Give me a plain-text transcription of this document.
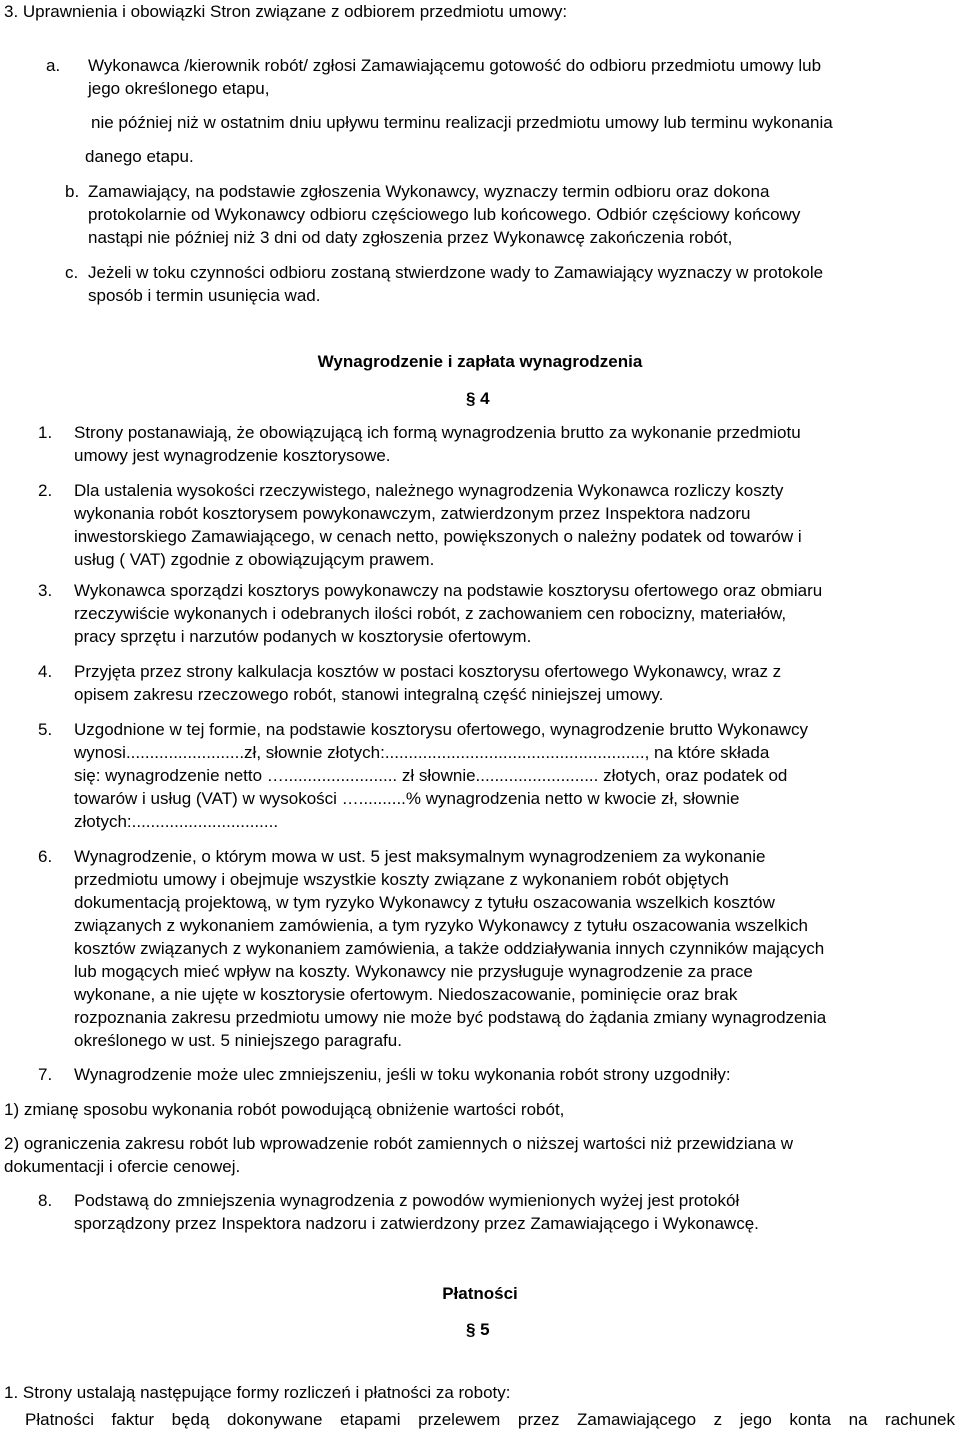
3. Uprawnienia i obowiązki Stron związane z odbiorem przedmiotu umowy:
a. Wykonawca /kierownik robót/ zgłosi Zamawiającemu gotowość do odbioru przedmiotu umowy lub
jego określonego etapu,
nie później niż w ostatnim dniu upływu terminu realizacji przedmiotu umowy lub terminu wykonania
danego etapu.
b. Zamawiający, na podstawie zgłoszenia Wykonawcy, wyznaczy termin odbioru oraz dokona
protokolarnie od Wykonawcy odbioru częściowego lub końcowego. Odbiór częściowy końcowy
nastąpi nie później niż 3 dni od daty zgłoszenia przez Wykonawcę zakończenia robót,
c. Jeżeli w toku czynności odbioru zostaną stwierdzone wady to Zamawiający wyznaczy w protokole
sposób i termin usunięcia wad.
Wynagrodzenie i zapłata wynagrodzenia
§ 4
1. Strony postanawiają, że obowiązującą ich formą wynagrodzenia brutto za wykonanie przedmiotu
umowy jest wynagrodzenie kosztorysowe.
2. Dla ustalenia wysokości rzeczywistego, należnego wynagrodzenia Wykonawca rozliczy koszty
wykonania robót kosztorysem powykonawczym, zatwierdzonym przez Inspektora nadzoru
inwestorskiego Zamawiającego, w cenach netto, powiększonych o należny podatek od towarów i
usług ( VAT) zgodnie z obowiązującym prawem.
3. Wykonawca sporządzi kosztorys powykonawczy na podstawie kosztorysu ofertowego oraz obmiaru
rzeczywiście wykonanych i odebranych ilości robót, z zachowaniem cen robocizny, materiałów,
pracy sprzętu i narzutów podanych w kosztorysie ofertowym.
4. Przyjęta przez strony kalkulacja kosztów w postaci kosztorysu ofertowego Wykonawcy, wraz z
opisem zakresu rzeczowego robót, stanowi integralną część niniejszej umowy.
5. Uzgodnione w tej formie, na podstawie kosztorysu ofertowego, wynagrodzenie brutto Wykonawcy
wynosi.........................zł, słownie złotych:......................................................., na które składa
się: wynagrodzenie netto …........................ zł słownie.......................... złotych, oraz podatek od
towarów i usług (VAT) w wysokości …..........% wynagrodzenia netto w kwocie zł, słownie
złotych:...............................
6. Wynagrodzenie, o którym mowa w ust. 5 jest maksymalnym wynagrodzeniem za wykonanie
przedmiotu umowy i obejmuje wszystkie koszty związane z wykonaniem robót objętych
dokumentacją projektową, w tym ryzyko Wykonawcy z tytułu oszacowania wszelkich kosztów
związanych z wykonaniem zamówienia, a tym ryzyko Wykonawcy z tytułu oszacowania wszelkich
kosztów związanych z wykonaniem zamówienia, a także oddziaływania innych czynników mających
lub mogących mieć wpływ na koszty. Wykonawcy nie przysługuje wynagrodzenie za prace
wykonane, a nie ujęte w kosztorysie ofertowym. Niedoszacowanie, pominięcie oraz brak
rozpoznania zakresu przedmiotu umowy nie może być podstawą do żądania zmiany wynagrodzenia
określonego w ust. 5 niniejszego paragrafu.
7. Wynagrodzenie może ulec zmniejszeniu, jeśli w toku wykonania robót strony uzgodniły:
1) zmianę sposobu wykonania robót powodującą obniżenie wartości robót,
2) ograniczenia zakresu robót lub wprowadzenie robót zamiennych o niższej wartości niż przewidziana w
dokumentacji i ofercie cenowej.
8. Podstawą do zmniejszenia wynagrodzenia z powodów wymienionych wyżej jest protokół
sporządzony przez Inspektora nadzoru i zatwierdzony przez Zamawiającego i Wykonawcę.
Płatności
§ 5
1. Strony ustalają następujące formy rozliczeń i płatności za roboty:
Płatności faktur będą dokonywane etapami przelewem przez Zamawiającego z jego konta na rachunek
